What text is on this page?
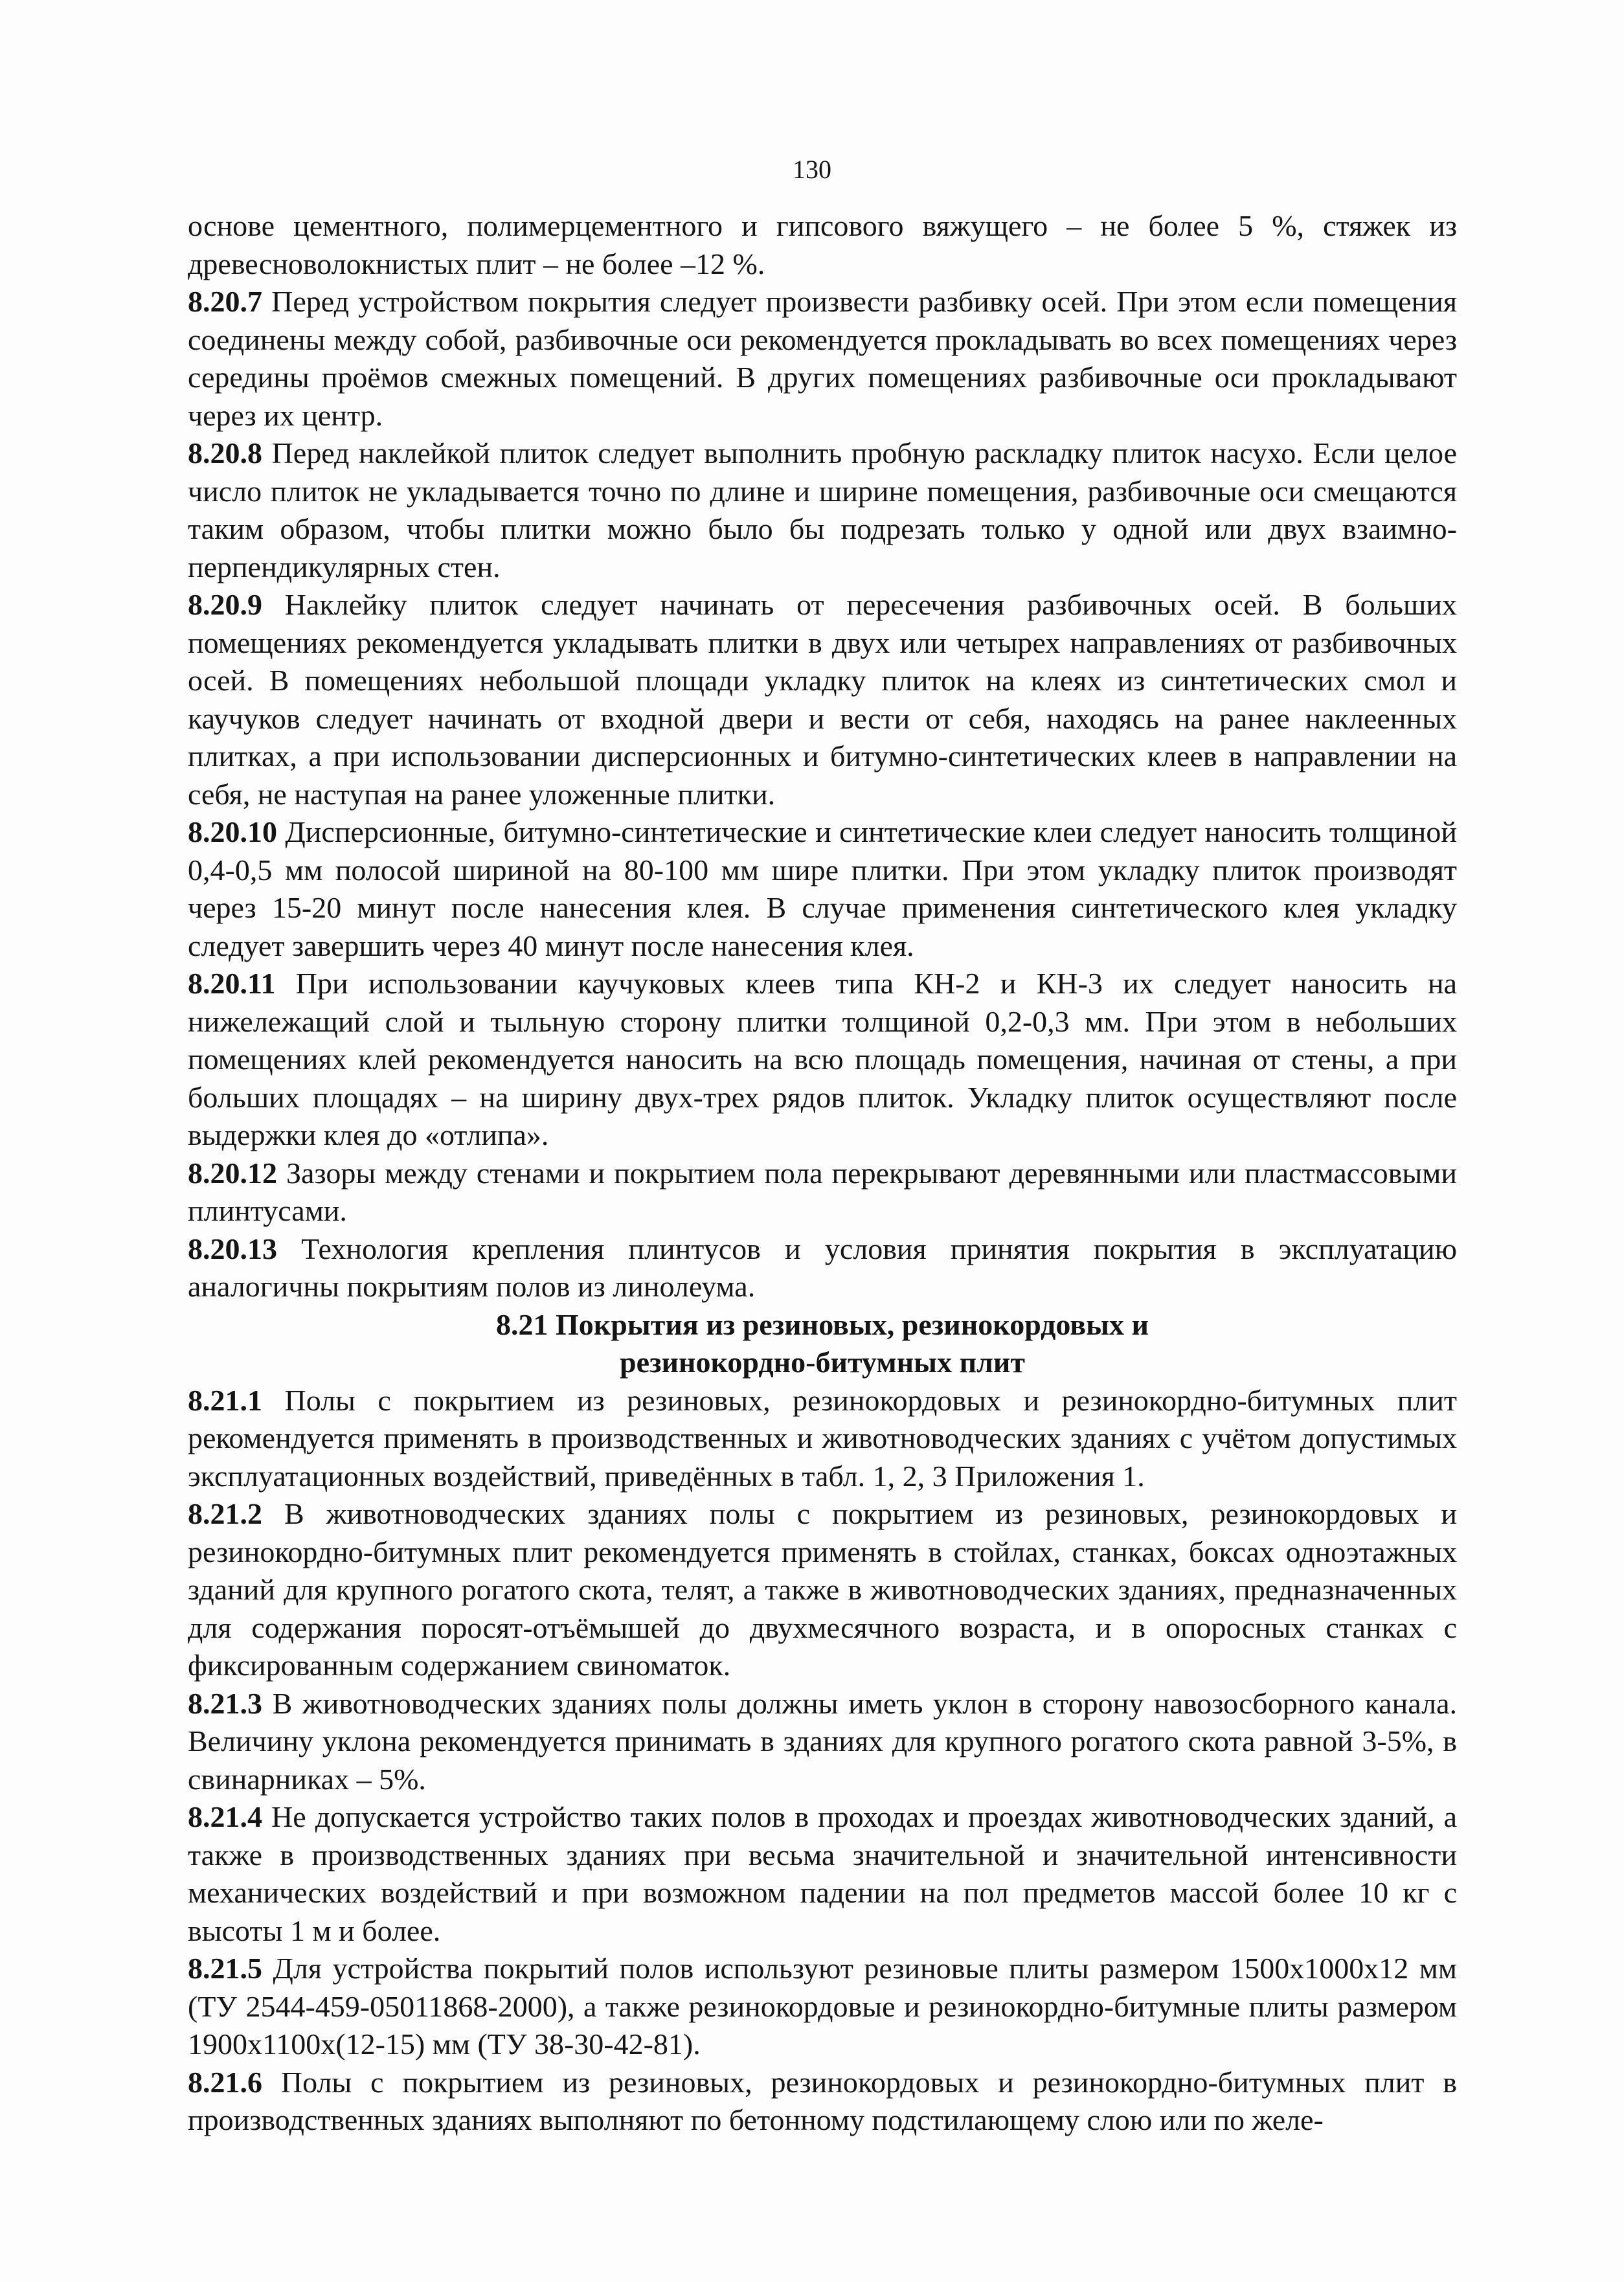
130

основе цементного, полимерцементного и гипсового вяжущего – не более 5 %, стяжек из древесноволокнистых плит – не более –12 %.

8.20.7 Перед устройством покрытия следует произвести разбивку осей. При этом если помещения соединены между собой, разбивочные оси рекомендуется прокладывать во всех помещениях через середины проёмов смежных помещений. В других помещениях разбивочные оси прокладывают через их центр.

8.20.8 Перед наклейкой плиток следует выполнить пробную раскладку плиток насухо. Если целое число плиток не укладывается точно по длине и ширине помещения, разбивочные оси смещаются таким образом, чтобы плитки можно было бы подрезать только у одной или двух взаимно-перпендикулярных стен.

8.20.9 Наклейку плиток следует начинать от пересечения разбивочных осей. В больших помещениях рекомендуется укладывать плитки в двух или четырех направлениях от разбивочных осей. В помещениях небольшой площади укладку плиток на клеях из синтетических смол и каучуков следует начинать от входной двери и вести от себя, находясь на ранее наклеенных плитках, а при использовании дисперсионных и битумно-синтетических клеев в направлении на себя, не наступая на ранее уложенные плитки.

8.20.10 Дисперсионные, битумно-синтетические и синтетические клеи следует наносить толщиной 0,4-0,5 мм полосой шириной на 80-100 мм шире плитки. При этом укладку плиток производят через 15-20 минут после нанесения клея. В случае применения синтетического клея укладку следует завершить через 40 минут после нанесения клея.

8.20.11 При использовании каучуковых клеев типа КН-2 и КН-3 их следует наносить на нижележащий слой и тыльную сторону плитки толщиной 0,2-0,3 мм. При этом в небольших помещениях клей рекомендуется наносить на всю площадь помещения, начиная от стены, а при больших площадях – на ширину двух-трех рядов плиток. Укладку плиток осуществляют после выдержки клея до «отлипа».

8.20.12 Зазоры между стенами и покрытием пола перекрывают деревянными или пластмассовыми плинтусами.

8.20.13 Технология крепления плинтусов и условия принятия покрытия в эксплуатацию аналогичны покрытиям полов из линолеума.

8.21 Покрытия из резиновых, резинокордовых и
резинокордно-битумных плит

8.21.1 Полы с покрытием из резиновых, резинокордовых и резинокордно-битумных плит рекомендуется применять в производственных и животноводческих зданиях с учётом допустимых эксплуатационных воздействий, приведённых в табл. 1, 2, 3 Приложения 1.

8.21.2 В животноводческих зданиях полы с покрытием из резиновых, резинокордовых и резинокордно-битумных плит рекомендуется применять в стойлах, станках, боксах одноэтажных зданий для крупного рогатого скота, телят, а также в животноводческих зданиях, предназначенных для содержания поросят-отъёмышей до двухмесячного возраста, и в опоросных станках с фиксированным содержанием свиноматок.

8.21.3 В животноводческих зданиях полы должны иметь уклон в сторону навозосборного канала. Величину уклона рекомендуется принимать в зданиях для крупного рогатого скота равной 3-5%, в свинарниках – 5%.

8.21.4 Не допускается устройство таких полов в проходах и проездах животноводческих зданий, а также в производственных зданиях при весьма значительной и значительной интенсивности механических воздействий и при возможном падении на пол предметов массой более 10 кг с высоты 1 м и более.

8.21.5 Для устройства покрытий полов используют резиновые плиты размером 1500х1000х12 мм (ТУ 2544-459-05011868-2000), а также резинокордовые и резинокордно-битумные плиты размером 1900х1100х(12-15) мм (ТУ 38-30-42-81).

8.21.6 Полы с покрытием из резиновых, резинокордовых и резинокордно-битумных плит в производственных зданиях выполняют по бетонному подстилающему слою или по желе-
